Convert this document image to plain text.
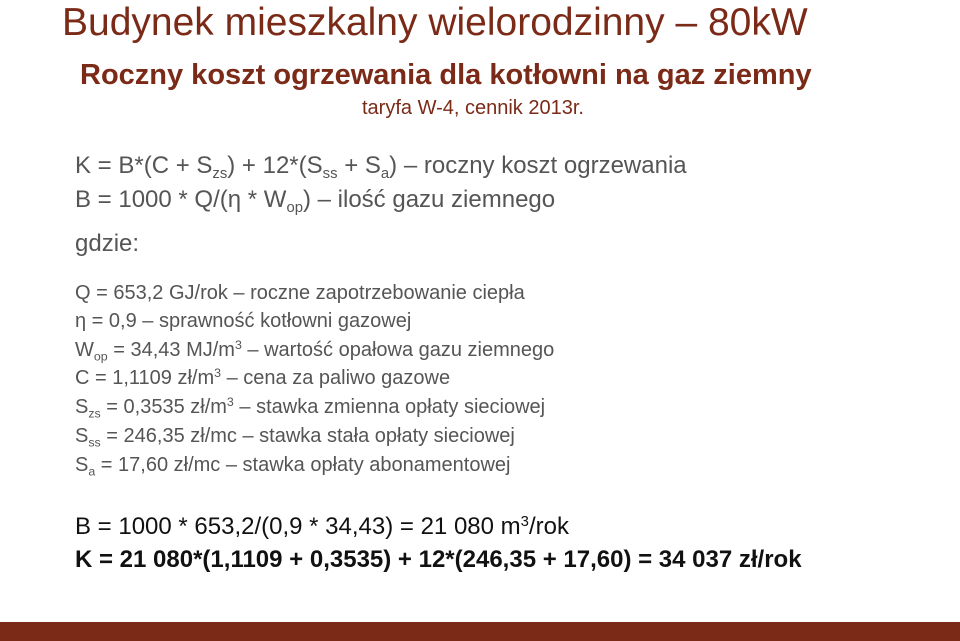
Budynek mieszkalny wielorodzinny – 80kW
Roczny koszt ogrzewania dla kotłowni na gaz ziemny
taryfa W-4, cennik 2013r.
$K = B*(C + S_{zs}) + 12*(S_{ss} + S_a)$ – roczny koszt ogrzewania
$B = 1000 * Q/(\eta * W_{op})$ – ilość gazu ziemnego
gdzie:
Q = 653,2 GJ/rok – roczne zapotrzebowanie ciepła
η = 0,9 – sprawność kotłowni gazowej
$W_{op} = 34,43$ $MJ/m^3$ – wartość opałowa gazu ziemnego
C = 1,1109 $zł/m^3$ – cena za paliwo gazowe
$S_{zs} = 0,3535$ $zł/m^3$ – stawka zmienna opłaty sieciowej
$S_{ss} = 246,35$ zł/mc – stawka stała opłaty sieciowej
$S_a = 17,60$ zł/mc – stawka opłaty abonamentowej
B = 1000 * 653,2/(0,9 * 34,43) = 21 080 $m^3$/rok
K = 21 080*(1,1109 + 0,3535) + 12*(246,35 + 17,60) = 34 037 zł/rok
